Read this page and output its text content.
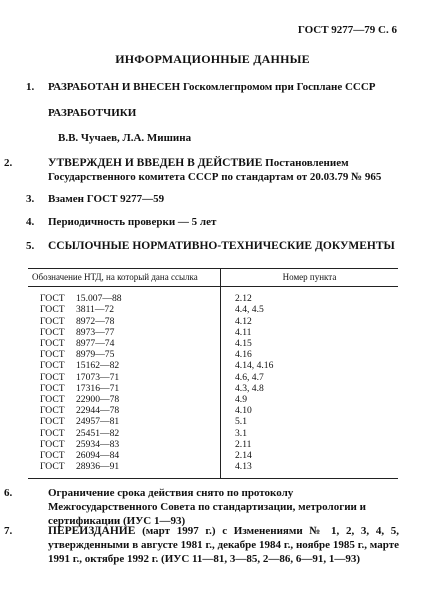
ГОСТ 9277—79 С. 6
ИНФОРМАЦИОННЫЕ ДАННЫЕ
1. РАЗРАБОТАН И ВНЕСЕН Госкомлегпромом при Госплане СССР
РАЗРАБОТЧИКИ
В.В. Чучаев, Л.А. Мишина
2.	УТВЕРЖДЕН И ВВЕДЕН В ДЕЙСТВИЕ Постановлением Государственного комитета СССР по стандартам от 20.03.79 № 965
3. Взамен ГОСТ 9277—59
4. Периодичность проверки — 5 лет
5. ССЫЛОЧНЫЕ НОРМАТИВНО-ТЕХНИЧЕСКИЕ ДОКУМЕНТЫ
Обозначение НТД, на который дана ссылка	Номер пункта
ГОСТ 15.007—88	2.12
ГОСТ 3811—72	4.4, 4.5
ГОСТ 8972—78	4.12
ГОСТ 8973—77	4.11
ГОСТ 8977—74	4.15
ГОСТ 8979—75	4.16
ГОСТ 15162—82	4.14, 4.16
ГОСТ 17073—71	4.6, 4.7
ГОСТ 17316—71	4.3, 4.8
ГОСТ 22900—78	4.9
ГОСТ 22944—78	4.10
ГОСТ 24957—81	5.1
ГОСТ 25451—82	3.1
ГОСТ 25934—83	2.11
ГОСТ 26094—84	2.14
ГОСТ 28936—91	4.13
6.	Ограничение срока действия снято по протоколу Межгосударственного Совета по стандартизации, метрологии и сертификации (ИУС 1—93)
7.	ПЕРЕИЗДАНИЕ (март 1997 г.) с Изменениями № 1, 2, 3, 4, 5, утвержденными в августе 1981 г., декабре 1984 г., ноябре 1985 г., марте 1991 г., октябре 1992 г. (ИУС 11—81, 3—85, 2—86, 6—91, 1—93)
